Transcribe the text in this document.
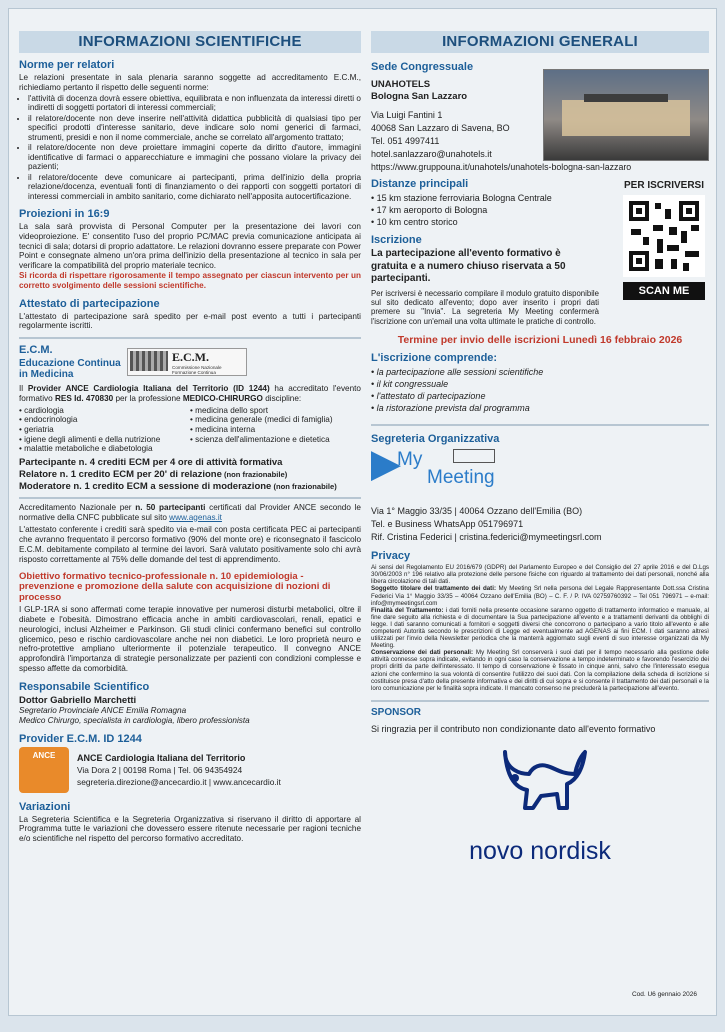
INFORMAZIONI SCIENTIFICHE
Norme per relatori

Le relazioni presentate in sala plenaria saranno soggette ad accreditamento E.C.M., richiediamo pertanto il rispetto delle seguenti norme:

• l'attività di docenza dovrà essere obiettiva, equilibrata e non influenzata da interessi diretti o indiretti di soggetti portatori di interessi commerciali;
• il relatore/docente non deve inserire nell'attività didattica pubblicità di qualsiasi tipo per specifici prodotti d'interesse sanitario, deve indicare solo nomi generici di farmaci, strumenti, presidi e non il nome commerciale, anche se correlato all'argomento trattato;
• il relatore/docente non deve proiettare immagini coperte da diritto d'autore, immagini identificative di farmaci o apparecchiature e immagini che possano violare la privacy dei pazienti;
• il relatore/docente deve comunicare ai partecipanti, prima dell'inizio della propria relazione/docenza, eventuali fonti di finanziamento o dei rapporti con soggetti portatori di interessi commerciali in ambito sanitario, come dichiarato nell'apposita autocertificazione.
Proiezioni in 16:9

La sala sarà provvista di Personal Computer per la presentazione dei lavori con videoproiezione. E' consentito l'uso del proprio PC/MAC previa comunicazione anticipata ai tecnici di sala; dotarsi di proprio adattatore. Le relazioni dovranno essere preparate con Power Point e consegnate almeno un'ora prima dell'inizio della presentazione al tecnico in sala per verificare la compatibilità del proprio materiale tecnico.

Si ricorda di rispettare rigorosamente il tempo assegnato per ciascun intervento per un corretto svolgimento delle sessioni scientifiche.

Attestato di partecipazione

L'attestato di partecipazione sarà spedito per e-mail post evento a tutti i partecipanti regolarmente iscritti.

E.C.M.
Educazione Continua in Medicina
E.C.M.
Commissione Nazionale Formazione Continua

Il Provider ANCE Cardiologia Italiana del Territorio (ID 1244) ha accreditato l'evento formativo RES Id. 470830 per la professione MEDICO-CHIRURGO discipline:

• cardiologia
• endocrinologia
• geriatria
• igiene degli alimenti e della nutrizione
• malattie metaboliche e diabetologia
• medicina dello sport
• medicina generale (medici di famiglia)
• medicina interna
• scienza dell'alimentazione e dietetica
Partecipante n. 4 crediti ECM per 4 ore di attività formativa
Relatore n. 1 credito ECM per 20' di relazione (non frazionabile)
Moderatore n. 1 credito ECM a sessione di moderazione (non frazionabile)

Accreditamento Nazionale per n. 50 partecipanti certificati dal Provider ANCE secondo le normative della CNFC pubblicate sul sito www.agenas.it

L'attestato conferente i crediti sarà spedito via e-mail con posta certificata PEC ai partecipanti che avranno frequentato il percorso formativo (90% del monte ore) e riconsegnato il fascicolo E.C.M. debitamente compilato al termine dei lavori. Sarà valutato positivamente solo chi avrà risposto correttamente al 75% delle domande del test di apprendimento.

Obiettivo formativo tecnico-professionale n. 10 epidemiologia - prevenzione e promozione della salute con acquisizione di nozioni di processo

I GLP-1RA si sono affermati come terapie innovative per numerosi disturbi metabolici, oltre il diabete e l'obesità. Dimostrano efficacia anche in ambiti cardiovascolari, renali, epatici e neurologici, inclusi Alzheimer e Parkinson. Gli studi clinici confermano benefici sul controllo glicemico, peso e rischio cardiovascolare anche nei non diabetici. Le loro proprietà neuro e nefro-protettive ampliano ulteriormente il potenziale terapeutico. Il convegno ANCE approfondirà l'importanza di strategie personalizzate per pazienti con condizioni complesse e spesso affette da comorbidità.

Responsabile Scientifico
Dottor Gabriello Marchetti
Segretario Provinciale ANCE Emilia Romagna
Medico Chirurgo, specialista in cardiologia, libero professionista
Provider E.C.M. ID 1244
ANCE	ANCE Cardiologia Italiana del Territorio
Via Dora 2 | 00198 Roma | Tel. 06 94354924
segreteria.direzione@ancecardio.it | www.ancecardio.it
Variazioni

La Segreteria Scientifica e la Segreteria Organizzativa si riservano il diritto di apportare al Programma tutte le variazioni che dovessero essere ritenute necessarie per ragioni tecniche e/o scientifiche nel rispetto del percorso formativo accreditato.

INFORMAZIONI GENERALI
Sede Congressuale
UNAHOTELS
Bologna San Lazzaro
Via Luigi Fantini 1
40068 San Lazzaro di Savena, BO
Tel. 051 4997411
hotel.sanlazzaro@unahotels.it
https://www.gruppouna.it/unahotels/unahotels-bologna-san-lazzaro
Distanze principali
• 15 km stazione ferroviaria Bologna Centrale
• 17 km aeroporto di Bologna
• 10 km centro storico
PER ISCRIVERSI
SCAN ME
Iscrizione
La partecipazione all'evento formativo è gratuita e a numero chiuso riservata a 50 partecipanti.

Per iscriversi è necessario compilare il modulo gratuito disponibile sul sito dedicato all'evento; dopo aver inserito i propri dati premere su "Invia". La segreteria My Meeting confermerà l'iscrizione con un'email una volta ultimate le pratiche di controllo.

Termine per invio delle iscrizioni Lunedì 16 febbraio 2026
L'iscrizione comprende:
• la partecipazione alle sessioni scientifiche
• il kit congressuale
• l'attestato di partecipazione
• la ristorazione prevista dal programma
Segreteria Organizzativa
My
Meeting
Via 1° Maggio 33/35 | 40064 Ozzano dell'Emilia (BO)
Tel. e Business WhatsApp 051796971
Rif. Cristina Federici | cristina.federici@mymeetingsrl.com
Privacy

Ai sensi del Regolamento EU 2016/679 (GDPR) del Parlamento Europeo e del Consiglio del 27 aprile 2016 e del D.Lgs 30/06/2003 n° 196 relativo alla protezione delle persone fisiche con riguardo al trattamento dei dati personali, nonché alla libera circolazione di tali dati.

Soggetto titolare del trattamento dei dati: My Meeting Srl nella persona del Legale Rappresentante Dott.ssa Cristina Federici Via 1° Maggio 33/35 – 40064 Ozzano dell'Emilia (BO) – C. F. / P. IVA 02759760392 – Tel 051 796971 – e-mail: info@mymeetingsrl.com

Finalità del Trattamento: i dati forniti nella presente occasione saranno oggetto di trattamento informatico e manuale, al fine dare seguito alla richiesta e di documentare la Sua partecipazione all'evento e a trattamenti derivanti da obblighi di legge. I dati saranno comunicati a fornitori e soggetti diversi che concorrono o partecipano a vario titolo all'evento e alle competenti Autorità secondo le prescrizioni di Legge ed eventualmente ad AGENAS ai fini ECM. I dati saranno altresì utilizzati per l'invio della Newsletter periodica che la manterrà aggiornato sugli eventi di suo interesse organizzati da My Meeting.

Conservazione dei dati personali: My Meeting Srl conserverà i suoi dati per il tempo necessario alla gestione delle attività connesse sopra indicate, evitando in ogni caso la conservazione a tempo indeterminato e favorendo l'esercizio dei propri diritti da parte dell'interessato. Il tempo di conservazione è fissato in cinque anni, salvo che l'interessato esegua azioni che confermino la sua volontà di consentire l'utilizzo dei suoi dati. Con la compilazione della scheda di iscrizione si costituisce presa d'atto della presente informativa e dei diritti di cui sopra e si consente il trattamento dei dati personali e la loro comunicazione per le finalità sopra indicate. Il mancato consenso ne precluderà la partecipazione all'evento.

SPONSOR
Si ringrazia per il contributo non condizionante dato all'evento formativo
novo nordisk
Cod. U6 gennaio 2026
